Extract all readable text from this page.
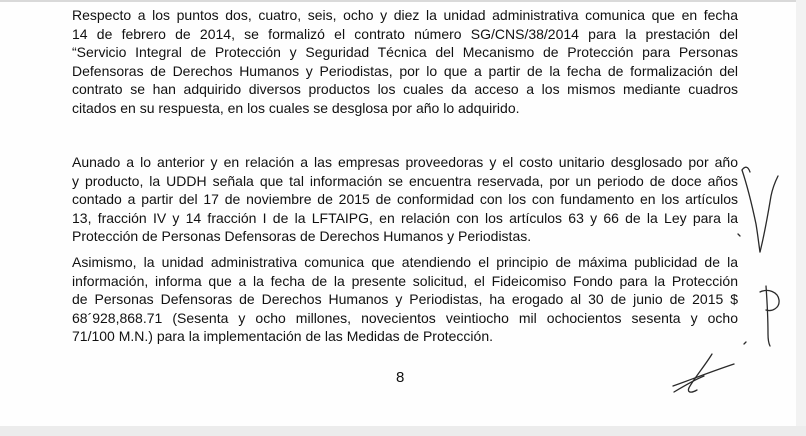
Respecto a los puntos dos, cuatro, seis, ocho y diez la unidad administrativa comunica que en fecha
14 de febrero de 2014, se formalizó el contrato número SG/CNS/38/2014 para la prestación del
“Servicio Integral de Protección y Seguridad Técnica del Mecanismo de Protección para Personas
Defensoras de Derechos Humanos y Periodistas, por lo que a partir de la fecha de formalización del
contrato se han adquirido diversos productos los cuales da acceso a los mismos mediante cuadros
citados en su respuesta, en los cuales se desglosa por año lo adquirido.
Aunado a lo anterior y en relación a las empresas proveedoras y el costo unitario desglosado por año
y producto, la UDDH señala que tal información se encuentra reservada, por un periodo de doce años
contado a partir del 17 de noviembre de 2015 de conformidad con los con fundamento en los artículos
13, fracción IV y 14 fracción I de la LFTAIPG, en relación con los artículos 63 y 66 de la Ley para la
Protección de Personas Defensoras de Derechos Humanos y Periodistas.
Asimismo, la unidad administrativa comunica que atendiendo el principio de máxima publicidad de la
información, informa que a la fecha de la presente solicitud, el Fideicomiso Fondo para la Protección
de Personas Defensoras de Derechos Humanos y Periodistas, ha erogado al 30 de junio de 2015 $
68´928,868.71 (Sesenta y ocho millones, novecientos veintiocho mil ochocientos sesenta y ocho
71/100 M.N.) para la implementación de las Medidas de Protección.
8
